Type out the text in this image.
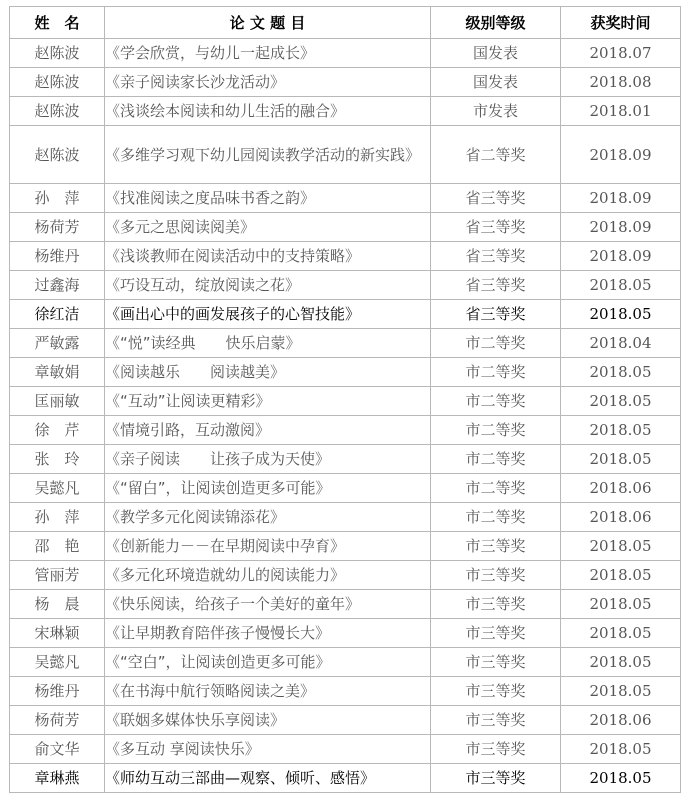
姓　名	论 文 题 目	级别等级	获奖时间
赵陈波	《学会欣赏，与幼儿一起成长》	国发表	2018.07
赵陈波	《亲子阅读家长沙龙活动》	国发表	2018.08
赵陈波	《浅谈绘本阅读和幼儿生活的融合》	市发表	2018.01
赵陈波	《多维学习观下幼儿园阅读教学活动的新实践》	省二等奖	2018.09
孙　萍	《找准阅读之度品味书香之韵》	省三等奖	2018.09
杨荷芳	《多元之思阅读阅美》	省三等奖	2018.09
杨维丹	《浅谈教师在阅读活动中的支持策略》	省三等奖	2018.09
过鑫海	《巧设互动，绽放阅读之花》	省三等奖	2018.05
徐红洁	《画出心中的画发展孩子的心智技能》	省三等奖	2018.05
严敏露	《“悦”读经典　　快乐启蒙》	市二等奖	2018.04
章敏娟	《阅读越乐　　阅读越美》	市二等奖	2018.05
匡丽敏	《“互动”让阅读更精彩》	市二等奖	2018.05
徐　芹	《情境引路，互动激阅》	市二等奖	2018.05
张　玲	《亲子阅读　　让孩子成为天使》	市二等奖	2018.05
吴懿凡	《“留白”，让阅读创造更多可能》	市二等奖	2018.06
孙　萍	《教学多元化阅读锦添花》	市二等奖	2018.06
邵　艳	《创新能力－－在早期阅读中孕育》	市三等奖	2018.05
管丽芳	《多元化环境造就幼儿的阅读能力》	市三等奖	2018.05
杨　晨	《快乐阅读，给孩子一个美好的童年》	市三等奖	2018.05
宋琳颖	《让早期教育陪伴孩子慢慢长大》	市三等奖	2018.05
吴懿凡	《“空白”，让阅读创造更多可能》	市三等奖	2018.05
杨维丹	《在书海中航行领略阅读之美》	市三等奖	2018.05
杨荷芳	《联姻多媒体快乐享阅读》	市三等奖	2018.06
俞文华	《多互动 享阅读快乐》	市三等奖	2018.05
章琳燕	《师幼互动三部曲—观察、倾听、感悟》	市三等奖	2018.05
